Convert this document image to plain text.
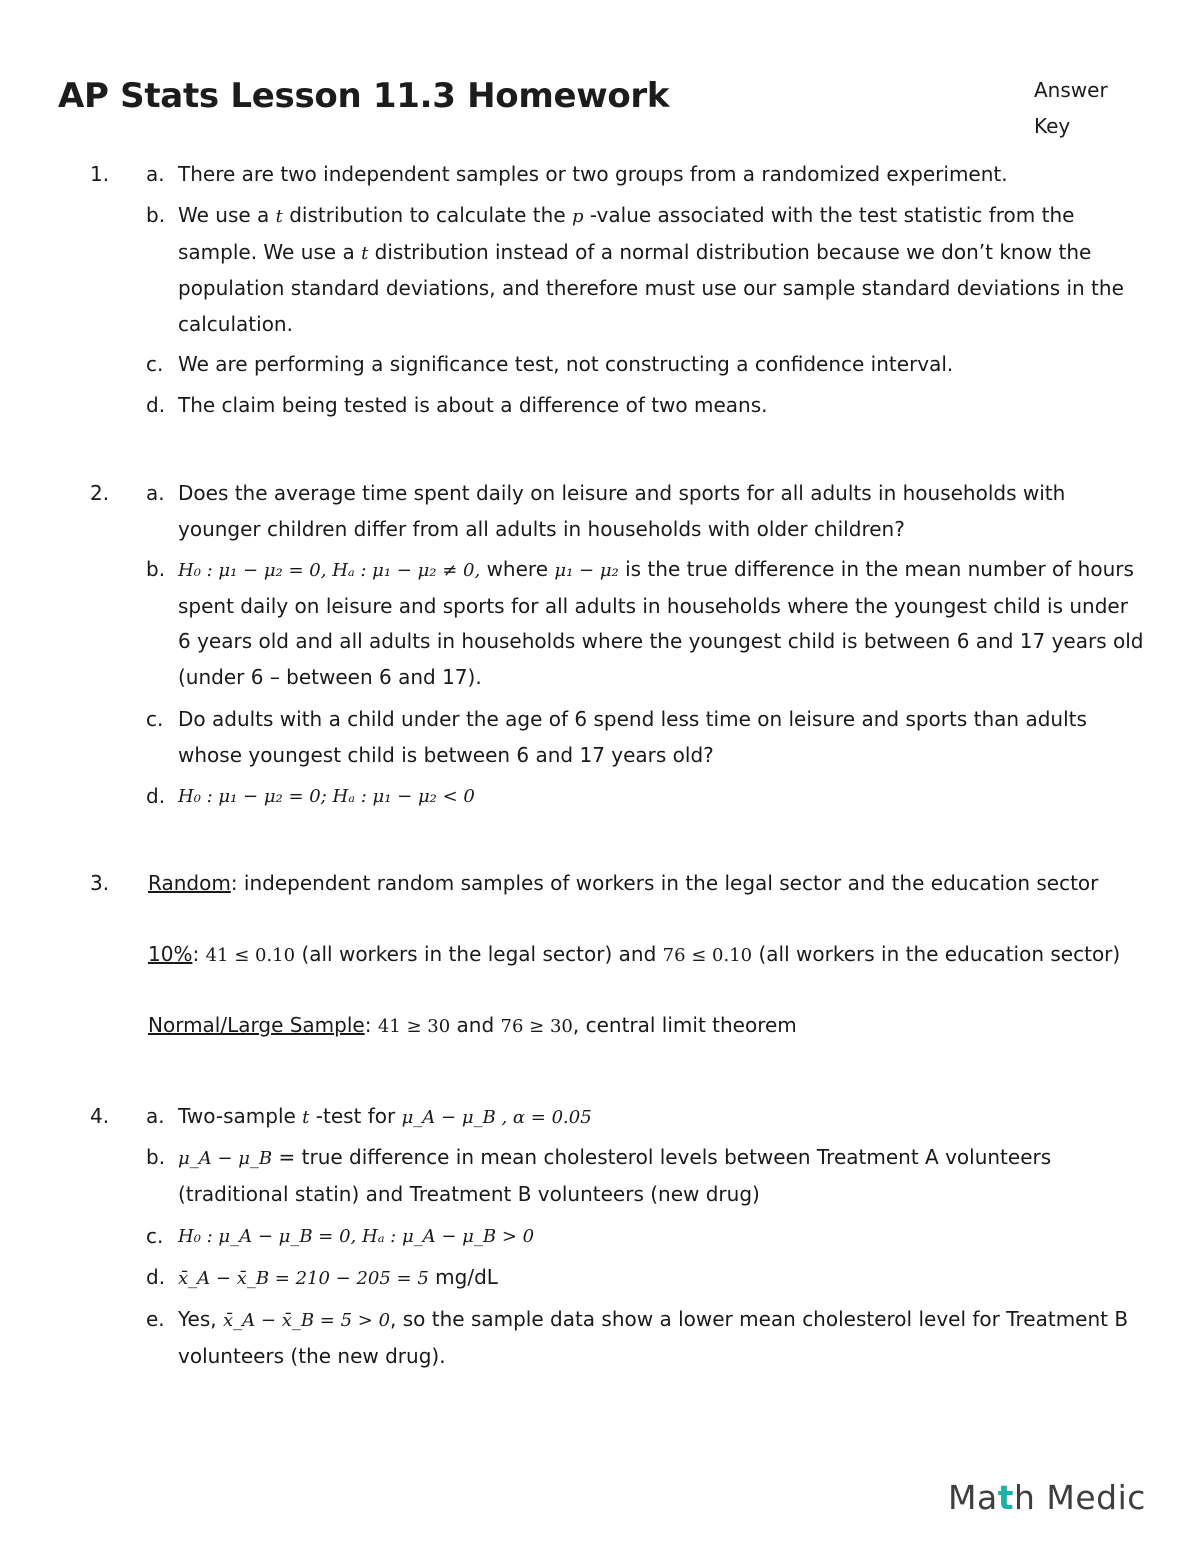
AP Stats Lesson 11.3 Homework	Answer
Key
1. a. There are two independent samples or two groups from a randomized experiment.
b. We use a t distribution to calculate the p -value associated with the test statistic from the sample. We use a t distribution instead of a normal distribution because we don’t know the population standard deviations, and therefore must use our sample standard deviations in the calculation.
c. We are performing a significance test, not constructing a confidence interval.
d. The claim being tested is about a difference of two means.
2. a. Does the average time spent daily on leisure and sports for all adults in households with younger children differ from all adults in households with older children?
b. H₀ : μ₁ − μ₂ = 0, Hₐ : μ₁ − μ₂ ≠ 0, where μ₁ − μ₂ is the true difference in the mean number of hours spent daily on leisure and sports for all adults in households where the youngest child is under 6 years old and all adults in households where the youngest child is between 6 and 17 years old (under 6 – between 6 and 17).
c. Do adults with a child under the age of 6 spend less time on leisure and sports than adults whose youngest child is between 6 and 17 years old?
d. H₀ : μ₁ − μ₂ = 0; Hₐ : μ₁ − μ₂ < 0
3. Random: independent random samples of workers in the legal sector and the education sector
10%: 41 ≤ 0.10 (all workers in the legal sector) and 76 ≤ 0.10 (all workers in the education sector)
Normal/Large Sample: 41 ≥ 30 and 76 ≥ 30, central limit theorem
4. a. Two-sample t -test for μ_A − μ_B , α = 0.05
b. μ_A − μ_B = true difference in mean cholesterol levels between Treatment A volunteers (traditional statin) and Treatment B volunteers (new drug)
c. H₀ : μ_A − μ_B = 0, Hₐ : μ_A − μ_B > 0
d. x̄_A − x̄_B = 210 − 205 = 5 mg/dL
e. Yes, x̄_A − x̄_B = 5 > 0, so the sample data show a lower mean cholesterol level for Treatment B volunteers (the new drug).
Math Medic
